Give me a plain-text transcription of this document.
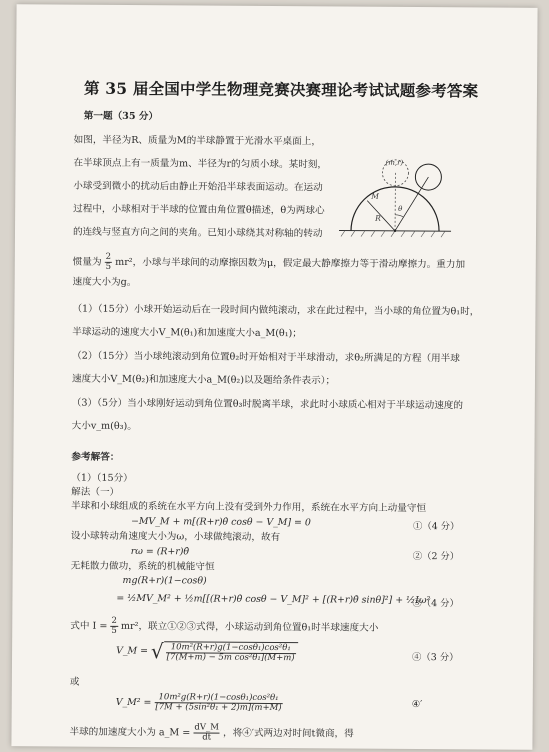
第 35 届全国中学生物理竞赛决赛理论考试试题参考答案
第一题（35 分）
如图，半径为R、质量为M的半球静置于光滑水平桌面上，
在半球顶点上有一质量为m、半径为r的匀质小球。某时刻，
小球受到微小的扰动后由静止开始沿半球表面运动。在运动
过程中，小球相对于半球的位置由角位置θ描述，θ为两球心
的连线与竖直方向之间的夹角。已知小球绕其对称轴的转动
惯量为 $\frac{2}{5} mr^2$，小球与半球间的动摩擦因数为μ，假定最大静摩擦力等于滑动摩擦力。重力加
速度大小为g。
(m,r)
θ
M
R
（1）（15分）小球开始运动后在一段时间内做纯滚动，求在此过程中，当小球的角位置为θ₁时，
半球运动的速度大小V_M(θ₁)和加速度大小a_M(θ₁)；
（2）（15分）当小球纯滚动到角位置θ₂时开始相对于半球滑动，求θ₂所满足的方程（用半球
速度大小V_M(θ₂)和加速度大小a_M(θ₂)以及题给条件表示）；
（3）（5分）当小球刚好运动到角位置θ₃时脱离半球，求此时小球质心相对于半球运动速度的
大小v_m(θ₃)。
参考解答：
（1）（15分）
解法（一）
半球和小球组成的系统在水平方向上没有受到外力作用，系统在水平方向上动量守恒
−MV_M + m[(R+r)θ̇ cosθ − V_M] = 0	①（4 分）
设小球转动角速度大小为ω，小球做纯滚动，故有
rω = (R+r)θ̇	②（2 分）
无耗散力做功，系统的机械能守恒
mg(R+r)(1−cosθ)
= ½MV_M² + ½m[[(R+r)θ̇ cosθ − V_M]² + [(R+r)θ̇ sinθ]²] + ½Iω²
③（4 分）
式中 $I = \frac{2}{5} mr^2$，联立①②③式得，小球运动到角位置θ₁时半球速度大小
V_M = √ $\frac{\text{10m²(R+r)g(1−cosθ₁)cos²θ₁}}{\text{[7(M+m) − 5m cos²θ₁](M+m)}}$	④（3 分）
或
V_M² = $\frac{\text{10m²g(R+r)(1−cosθ₁)cos²θ₁}}{\text{[7M + (5sin²θ₁ + 2)m](m+M)}}$	④′
半球的加速度大小为 a_M = $\frac{dV\_M}{dt}$ ，将④′式两边对时间t微商，得
